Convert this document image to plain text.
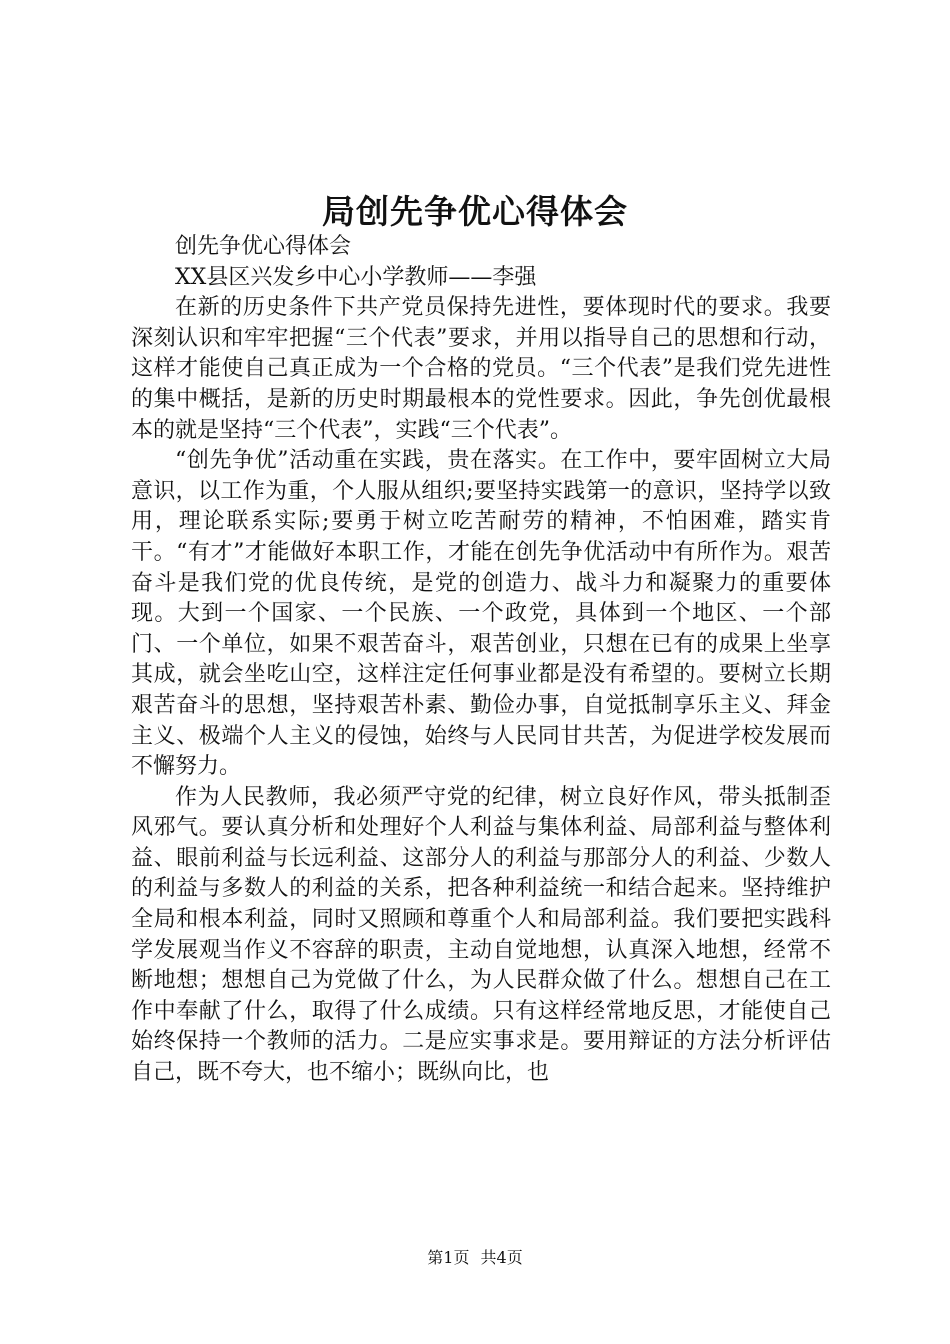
局创先争优心得体会

创先争优心得体会

XX县区兴发乡中心小学教师——李强

在新的历史条件下共产党员保持先进性，要体现时代的要求。我要深刻认识和牢牢把握“三个代表”要求，并用以指导自己的思想和行动，这样才能使自己真正成为一个合格的党员。“三个代表”是我们党先进性的集中概括，是新的历史时期最根本的党性要求。因此，争先创优最根本的就是坚持“三个代表”，实践“三个代表”。

“创先争优”活动重在实践，贵在落实。在工作中，要牢固树立大局意识，以工作为重，个人服从组织;要坚持实践第一的意识，坚持学以致用，理论联系实际;要勇于树立吃苦耐劳的精神，不怕困难，踏实肯干。“有才”才能做好本职工作，才能在创先争优活动中有所作为。艰苦奋斗是我们党的优良传统，是党的创造力、战斗力和凝聚力的重要体现。大到一个国家、一个民族、一个政党，具体到一个地区、一个部门、一个单位，如果不艰苦奋斗，艰苦创业，只想在已有的成果上坐享其成，就会坐吃山空，这样注定任何事业都是没有希望的。要树立长期艰苦奋斗的思想，坚持艰苦朴素、勤俭办事，自觉抵制享乐主义、拜金主义、极端个人主义的侵蚀，始终与人民同甘共苦，为促进学校发展而不懈努力。

作为人民教师，我必须严守党的纪律，树立良好作风，带头抵制歪风邪气。要认真分析和处理好个人利益与集体利益、局部利益与整体利益、眼前利益与长远利益、这部分人的利益与那部分人的利益、少数人的利益与多数人的利益的关系，把各种利益统一和结合起来。坚持维护全局和根本利益，同时又照顾和尊重个人和局部利益。我们要把实践科学发展观当作义不容辞的职责，主动自觉地想，认真深入地想，经常不断地想；想想自己为党做了什么，为人民群众做了什么。想想自己在工作中奉献了什么，取得了什么成绩。只有这样经常地反思，才能使自己始终保持一个教师的活力。二是应实事求是。要用辩证的方法分析评估自己，既不夸大，也不缩小；既纵向比，也

第1页 共4页
